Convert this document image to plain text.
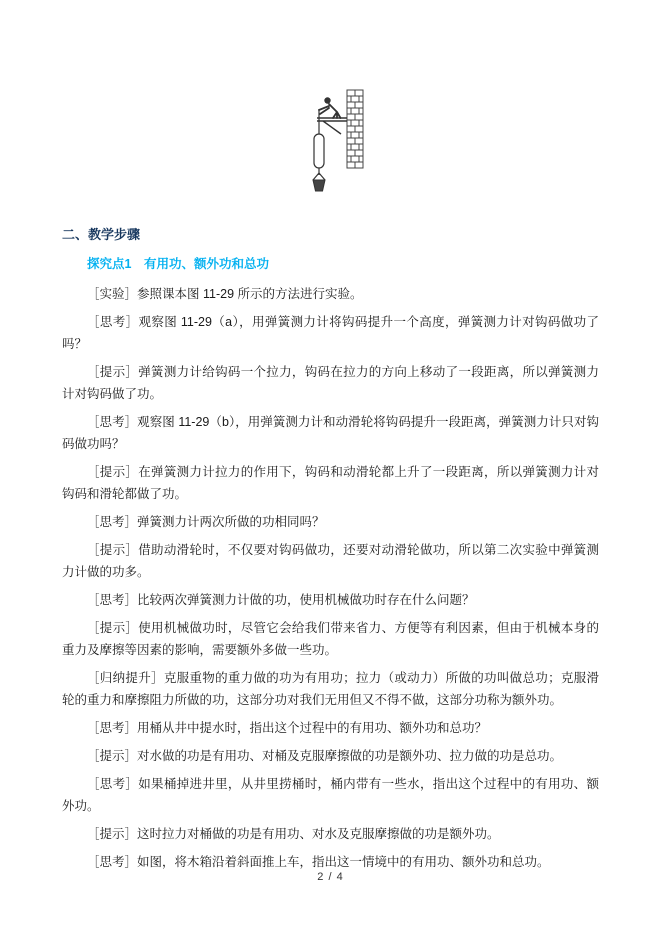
二、教学步骤
探究点1　有用功、额外功和总功

［实验］参照课本图 11-29 所示的方法进行实验。

［思考］观察图 11-29（a），用弹簧测力计将钩码提升一个高度，弹簧测力计对钩码做功了吗？

［提示］弹簧测力计给钩码一个拉力，钩码在拉力的方向上移动了一段距离，所以弹簧测力计对钩码做了功。

［思考］观察图 11-29（b），用弹簧测力计和动滑轮将钩码提升一段距离，弹簧测力计只对钩码做功吗？

［提示］在弹簧测力计拉力的作用下，钩码和动滑轮都上升了一段距离，所以弹簧测力计对钩码和滑轮都做了功。

［思考］弹簧测力计两次所做的功相同吗？

［提示］借助动滑轮时，不仅要对钩码做功，还要对动滑轮做功，所以第二次实验中弹簧测力计做的功多。

［思考］比较两次弹簧测力计做的功，使用机械做功时存在什么问题？

［提示］使用机械做功时，尽管它会给我们带来省力、方便等有利因素，但由于机械本身的重力及摩擦等因素的影响，需要额外多做一些功。

［归纳提升］克服重物的重力做的功为有用功；拉力（或动力）所做的功叫做总功；克服滑轮的重力和摩擦阻力所做的功，这部分功对我们无用但又不得不做，这部分功称为额外功。

［思考］用桶从井中提水时，指出这个过程中的有用功、额外功和总功？

［提示］对水做的功是有用功、对桶及克服摩擦做的功是额外功、拉力做的功是总功。

［思考］如果桶掉进井里，从井里捞桶时，桶内带有一些水，指出这个过程中的有用功、额外功。

［提示］这时拉力对桶做的功是有用功、对水及克服摩擦做的功是额外功。

［思考］如图，将木箱沿着斜面推上车，指出这一情境中的有用功、额外功和总功。

2 / 4
